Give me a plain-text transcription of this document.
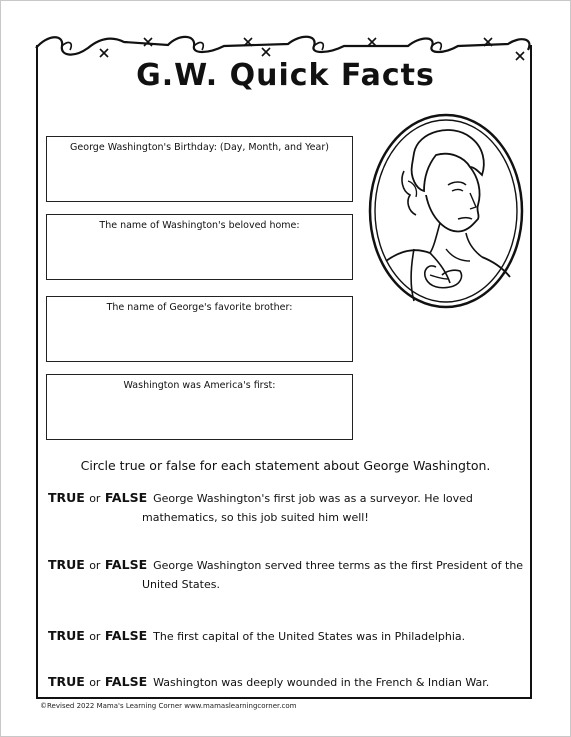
G.W. Quick Facts
George Washington's Birthday: (Day, Month, and Year)
The name of Washington's beloved home:
The name of George's favorite brother:
Washington was America's first:
Circle true or false for each statement about George Washington.
TRUE or FALSE George Washington's first job was as a surveyor. He loved
mathematics, so this job suited him well!
TRUE or FALSE George Washington served three terms as the first President of the
United States.
TRUE or FALSE The first capital of the United States was in Philadelphia.
TRUE or FALSE Washington was deeply wounded in the French & Indian War.
©Revised 2022 Mama's Learning Corner www.mamaslearningcorner.com
